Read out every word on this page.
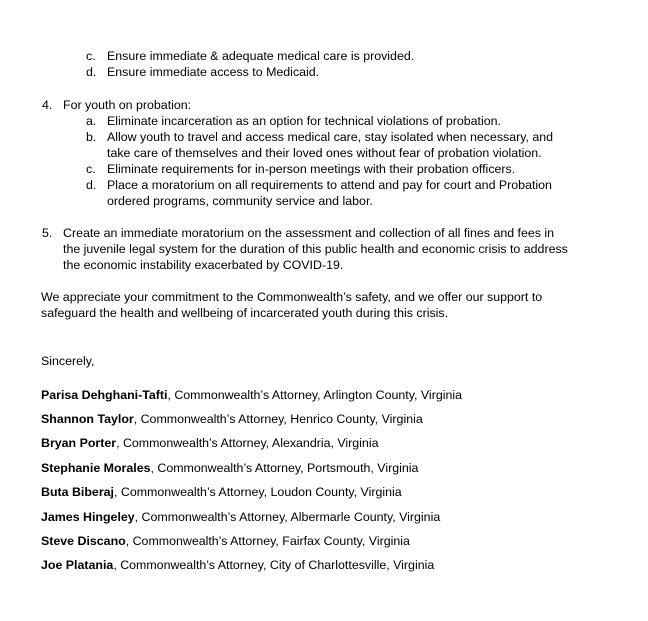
c. Ensure immediate & adequate medical care is provided.
d. Ensure immediate access to Medicaid.
4. For youth on probation:
a. Eliminate incarceration as an option for technical violations of probation.
b. Allow youth to travel and access medical care, stay isolated when necessary, and
take care of themselves and their loved ones without fear of probation violation.
c. Eliminate requirements for in-person meetings with their probation officers.
d. Place a moratorium on all requirements to attend and pay for court and Probation
ordered programs, community service and labor.
5. Create an immediate moratorium on the assessment and collection of all fines and fees in
the juvenile legal system for the duration of this public health and economic crisis to address
the economic instability exacerbated by COVID-19.
We appreciate your commitment to the Commonwealth’s safety, and we offer our support to
safeguard the health and wellbeing of incarcerated youth during this crisis.
Sincerely,
Parisa Dehghani-Tafti, Commonwealth’s Attorney, Arlington County, Virginia
Shannon Taylor, Commonwealth’s Attorney, Henrico County, Virginia
Bryan Porter, Commonwealth’s Attorney, Alexandria, Virginia
Stephanie Morales, Commonwealth’s Attorney, Portsmouth, Virginia
Buta Biberaj, Commonwealth’s Attorney, Loudon County, Virginia
James Hingeley, Commonwealth’s Attorney, Albermarle County, Virginia
Steve Discano, Commonwealth’s Attorney, Fairfax County, Virginia
Joe Platania, Commonwealth’s Attorney, City of Charlottesville, Virginia
